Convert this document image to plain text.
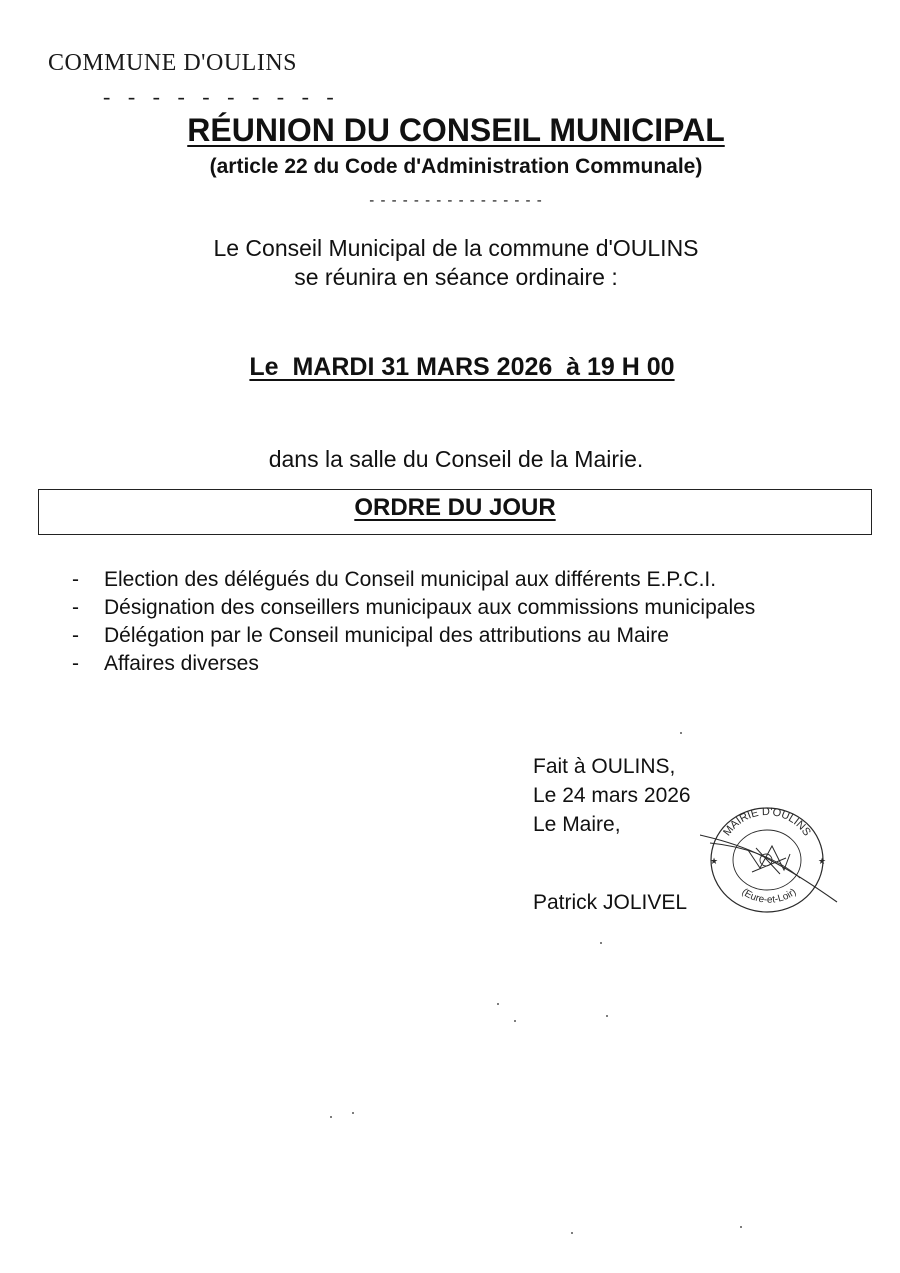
COMMUNE D'OULINS
- - - - - - - - - -
RÉUNION DU CONSEIL MUNICIPAL
(article 22 du Code d'Administration Communale)
- - - - - - - - - - - - - - - -
Le Conseil Municipal de la commune d'OULINS
se réunira en séance ordinaire :
Le  MARDI 31 MARS 2026  à 19 H 00
dans la salle du Conseil de la Mairie.
ORDRE DU JOUR
-	Election des délégués du Conseil municipal aux différents E.P.C.I.
-	Désignation des conseillers municipaux aux commissions municipales
-	Délégation par le Conseil municipal des attributions au Maire
-	Affaires diverses
Fait à OULINS,
Le 24 mars 2026
Le Maire,
Patrick JOLIVEL
MAIRIE D'OULINS
(Eure-et-Loir)
★	★
